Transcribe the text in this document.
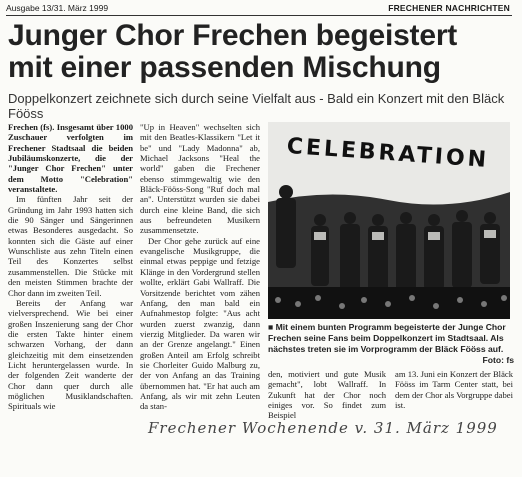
Ausgabe 13/31. März 1999	FRECHENER NACHRICHTEN
Junger Chor Frechen begeistert mit einer passenden Mischung
Doppelkonzert zeichnete sich durch seine Vielfalt aus - Bald ein Konzert mit den Bläck Fööss

Frechen (fs). Insgesamt über 1000 Zuschauer verfolgten im Frechener Stadtsaal die beiden Jubiläumskonzerte, die der "Junger Chor Frechen" unter dem Motto "Celebration" veranstaltete.

Im fünften Jahr seit der Gründung im Jahr 1993 hatten sich die 90 Sänger und Sängerinnen etwas Besonderes ausgedacht. So konnten sich die Gäste auf einer Wunschliste aus zehn Titeln einen Teil des Konzertes selbst zusammenstellen. Die Stücke mit den meisten Stimmen brachte der Chor dann im zweiten Teil.

Bereits der Anfang war vielversprechend. Wie bei einer großen Inszenierung sang der Chor die ersten Takte hinter einem schwarzen Vorhang, der dann gleichzeitig mit dem einsetzenden Licht heruntergelassen wurde. In der folgenden Zeit wanderte der Chor dann quer durch alle möglichen Musiklandschaften. Spirituals wie

"Up in Heaven" wechselten sich mit den Beatles-Klassikern "Let it be" und "Lady Madonna" ab, Michael Jacksons "Heal the world" gaben die Frechener ebenso stimmgewaltig wie den Bläck-Fööss-Song "Ruf doch mal an". Unterstützt wurden sie dabei durch eine kleine Band, die sich aus befreundeten Musikern zusammensetzte.

Der Chor gehe zurück auf eine evangelische Musikgruppe, die einmal etwas peppige und fetzige Klänge in den Vordergrund stellen wollte, erklärt Gabi Wallraff. Die Vorsitzende berichtet vom zähen Anfang, den man bald ein Aufnahmestop folgte: "Aus acht wurden zuerst zwanzig, dann vierzig Mitglieder. Da waren wir an der Grenze angelangt." Einen großen Anteil am Erfolg schreibt sie Chorleiter Guido Malburg zu, der von Anfang an das Training übernommen hat. "Er hat auch am Anfang, als wir mit zehn Leuten da stan-

CELEBRATION
■ Mit einem bunten Programm begeisterte der Junge Chor Frechen seine Fans beim Doppelkonzert im Stadtsaal. Als nächstes treten sie im Vorprogramm der Bläck Fööss auf.
Foto: fs

den, motiviert und gute Musik gemacht", lobt Wallraff. In Zukunft hat der Chor noch einiges vor. So findet zum Beispiel

am 13. Juni ein Konzert der Bläck Fööss im Tarm Center statt, bei dem der Chor als Vorgruppe dabei ist.

Frechener Wochenende v. 31. März 1999
